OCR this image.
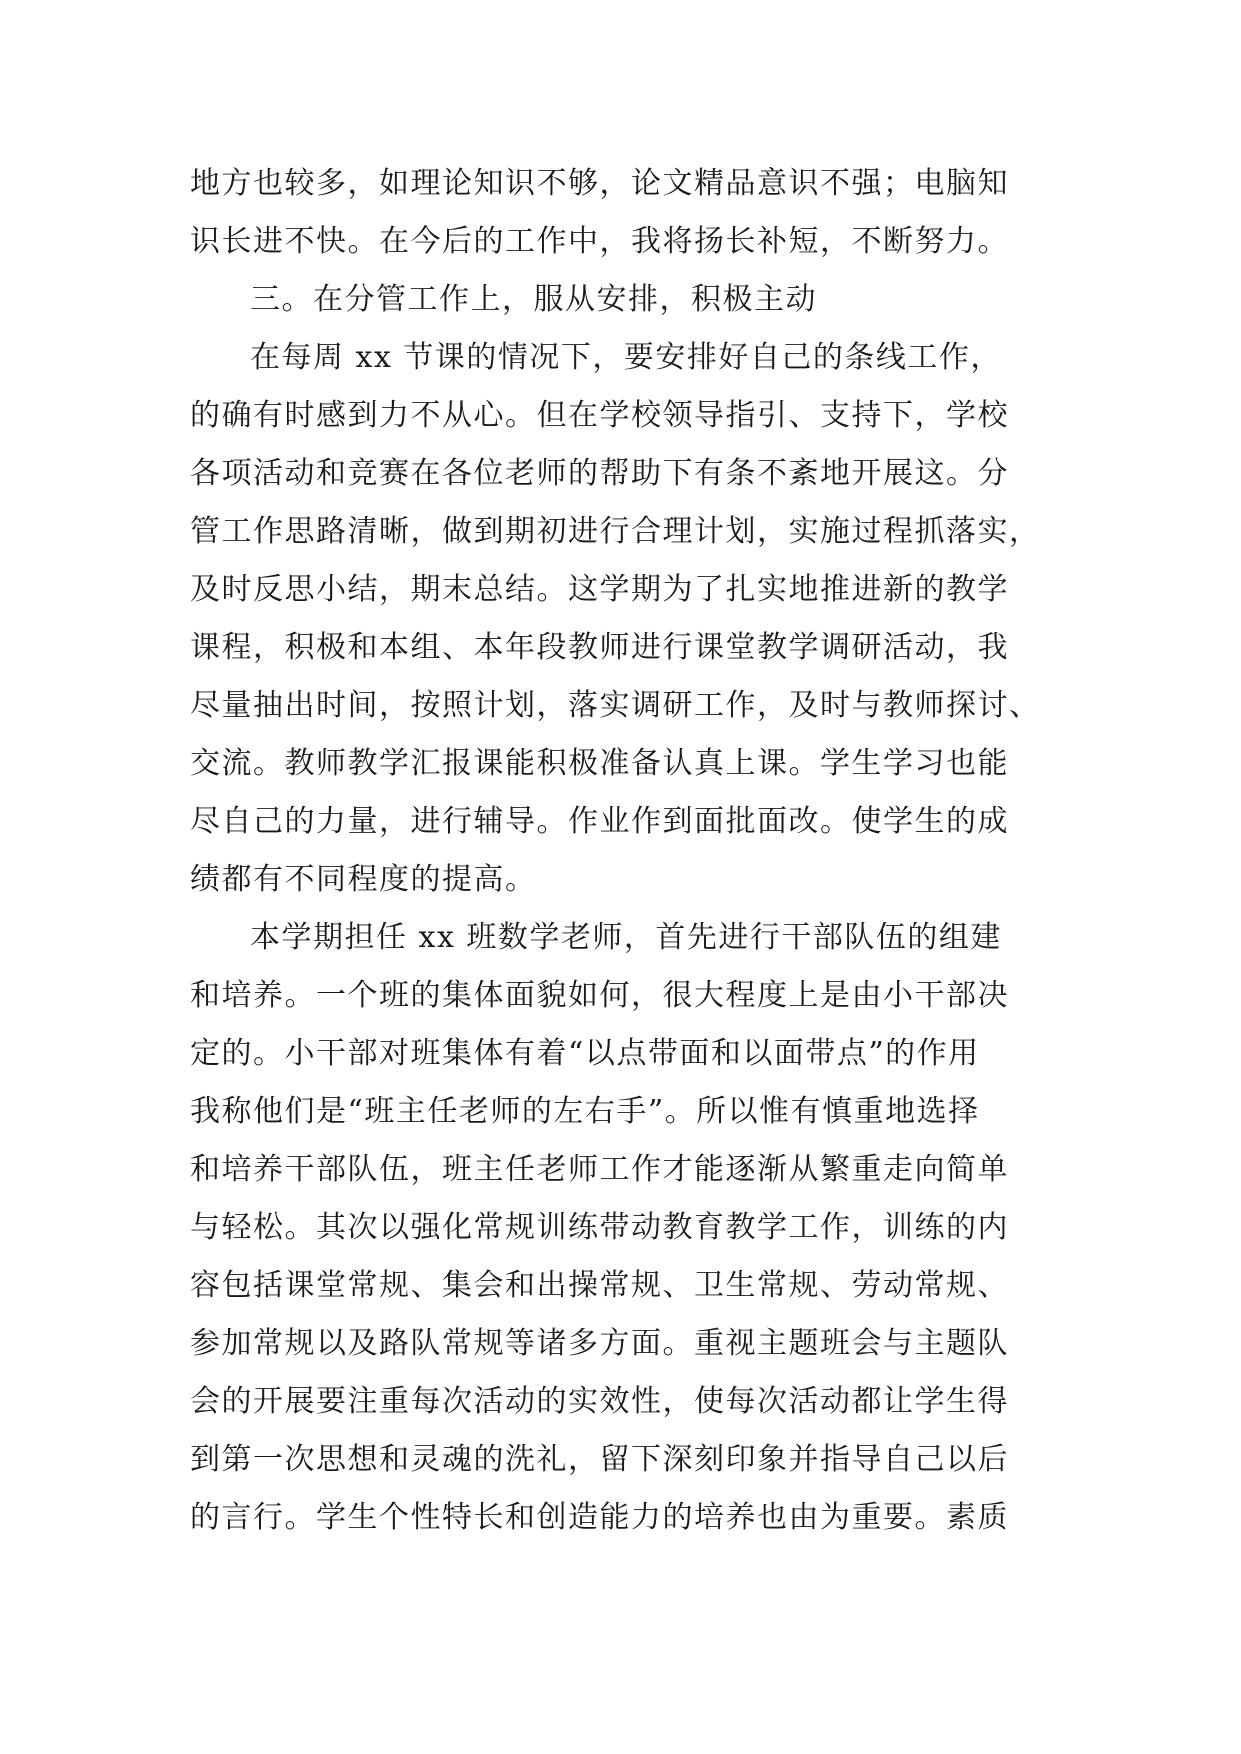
地方也较多，如理论知识不够，论文精品意识不强；电脑知
识长进不快。在今后的工作中，我将扬长补短，不断努力。
三。在分管工作上，服从安排，积极主动
在每周 xx 节课的情况下，要安排好自己的条线工作，
的确有时感到力不从心。但在学校领导指引、支持下，学校
各项活动和竞赛在各位老师的帮助下有条不紊地开展这。分
管工作思路清晰，做到期初进行合理计划，实施过程抓落实，
及时反思小结，期末总结。这学期为了扎实地推进新的教学
课程，积极和本组、本年段教师进行课堂教学调研活动，我
尽量抽出时间，按照计划，落实调研工作，及时与教师探讨、
交流。教师教学汇报课能积极准备认真上课。学生学习也能
尽自己的力量，进行辅导。作业作到面批面改。使学生的成
绩都有不同程度的提高。
本学期担任 xx 班数学老师，首先进行干部队伍的组建
和培养。一个班的集体面貌如何，很大程度上是由小干部决
定的。小干部对班集体有着“以点带面和以面带点”的作用
我称他们是“班主任老师的左右手”。所以惟有慎重地选择
和培养干部队伍，班主任老师工作才能逐渐从繁重走向简单
与轻松。其次以强化常规训练带动教育教学工作，训练的内
容包括课堂常规、集会和出操常规、卫生常规、劳动常规、
参加常规以及路队常规等诸多方面。重视主题班会与主题队
会的开展要注重每次活动的实效性，使每次活动都让学生得
到第一次思想和灵魂的洗礼，留下深刻印象并指导自己以后
的言行。学生个性特长和创造能力的培养也由为重要。素质
